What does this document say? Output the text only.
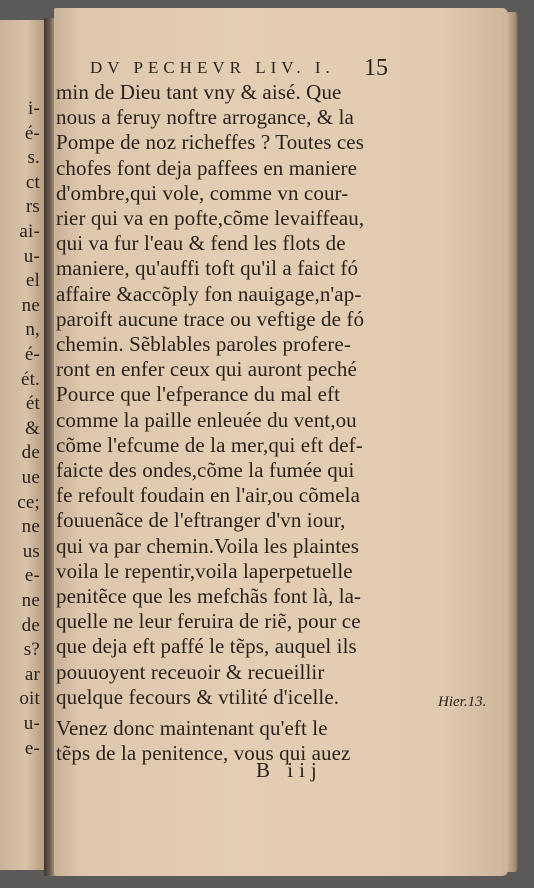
i-
é-
s.
ct
rs
ai-
u-
el
ne
n,
é-
ét.
ét
&
de
ue
ce;
ne
us
e-
ne
de
s?
ar
oit
u-
e-
DV PECHEVR LIV. I.	15
min de Dieu tant vny & aisé. Que
nous a feruy noftre arrogance, & la
Pompe de noz richeffes ? Toutes ces
chofes font deja paffees en maniere
d'ombre,qui vole, comme vn cour-
rier qui va en pofte,cõme levaiffeau,
qui va fur l'eau & fend les flots de
maniere, qu'auffi toft qu'il a faict fó
affaire &accõply fon nauigage,n'ap-
paroift aucune trace ou veftige de fó
chemin. Sẽblables paroles profere-
ront en enfer ceux qui auront peché
Pource que l'efperance du mal eft
comme la paille enleuée du vent,ou
cõme l'efcume de la mer,qui eft def-
faicte des ondes,cõme la fumée qui
fe refoult foudain en l'air,ou cõmela
fouuenãce de l'eftranger d'vn iour,
qui va par chemin.Voila les plaintes
voila le repentir,voila laperpetuelle
penitẽce que les mefchãs font là, la-
quelle ne leur feruira de riẽ, pour ce
que deja eft paffé le tẽps, auquel ils
pouuoyent receuoir & recueillir
quelque fecours & vtilité d'icelle.
Venez donc maintenant qu'eft le
tẽps de la penitence, vous qui auez
Hier.13.
B iij
